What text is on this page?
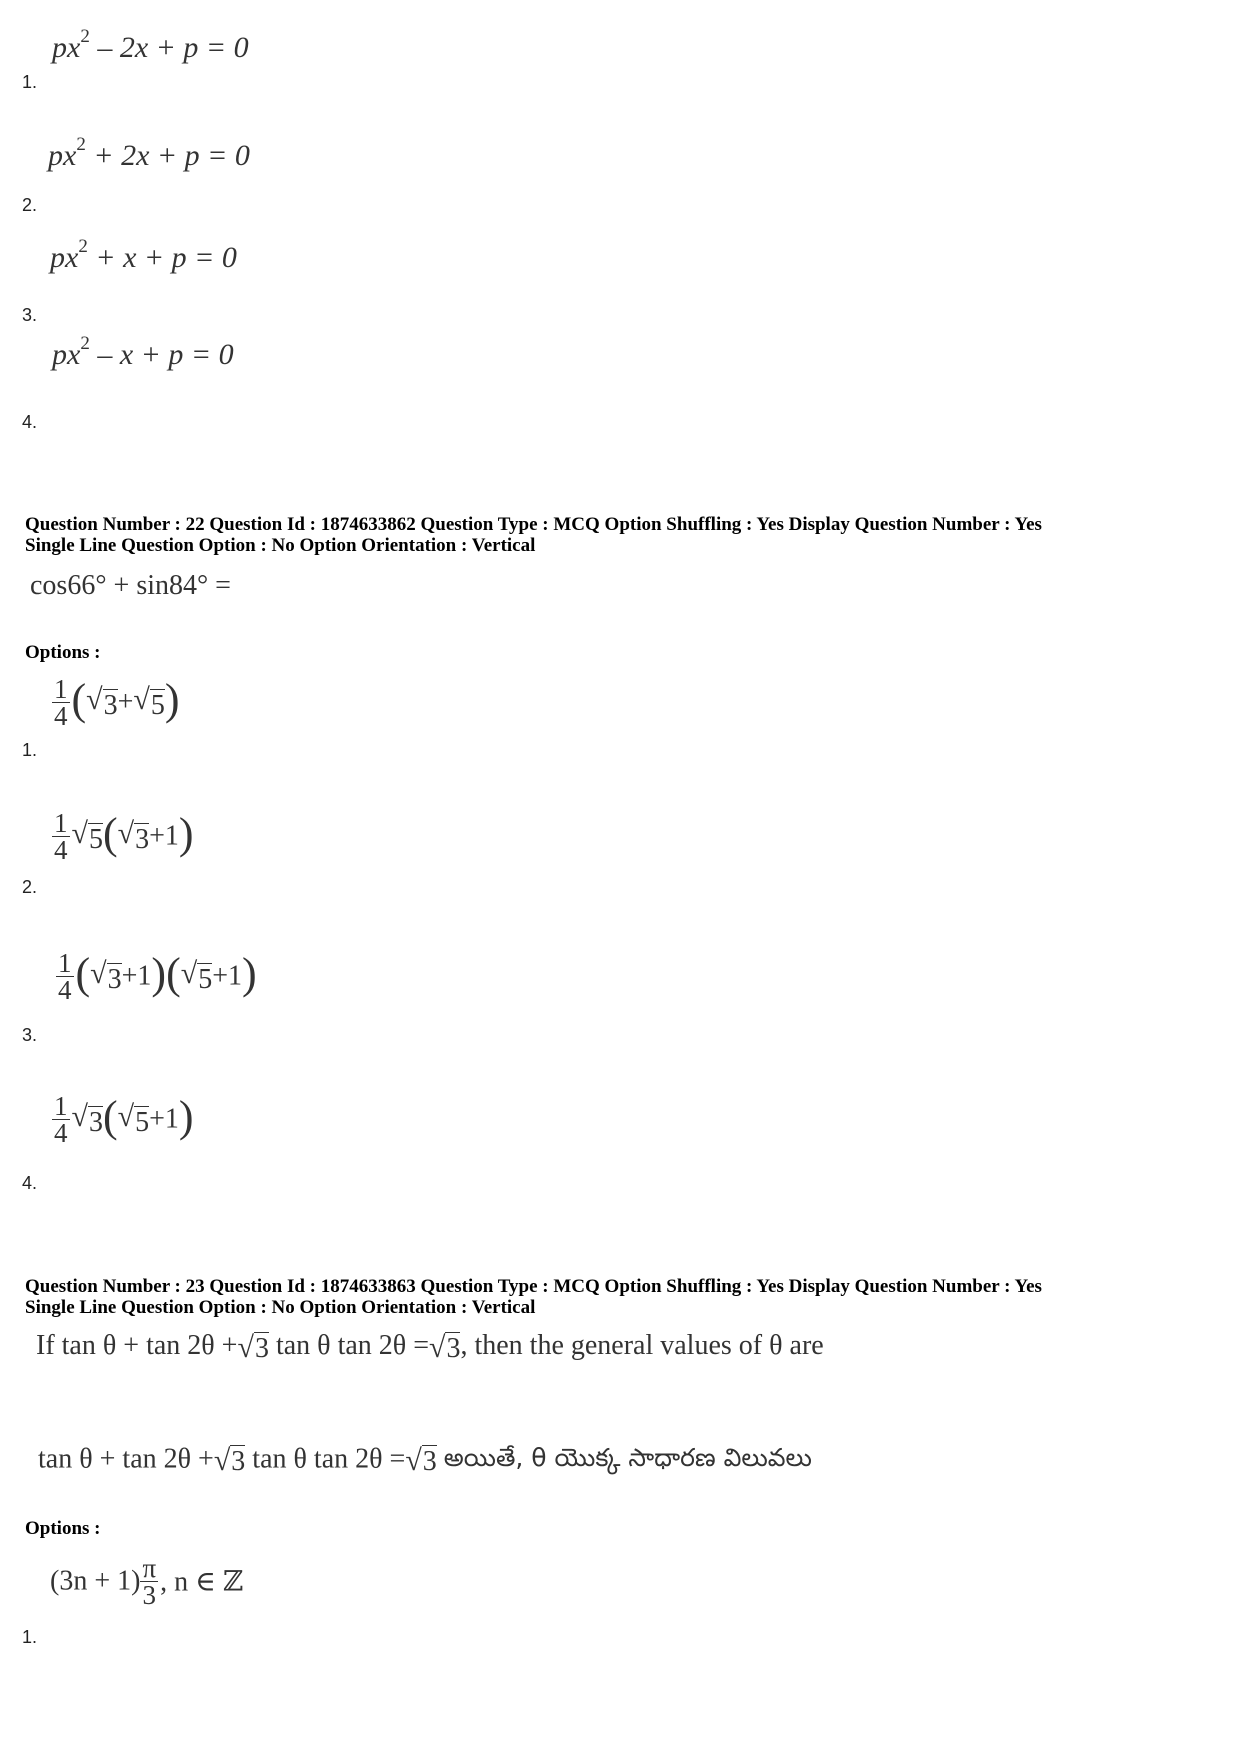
$px^2 - 2x + p = 0$
1.
$px^2 + 2x + p = 0$
2.
$px^2 + x + p = 0$
3.
$px^2 - x + p = 0$
4.
Question Number : 22 Question Id : 1874633862 Question Type : MCQ Option Shuffling : Yes Display Question Number : Yes
Single Line Question Option : No Option Orientation : Vertical
cos66° + sin84° =
Options :
$\frac{1}{4} (√3+√5)$
1.
$\frac{1}{4} √5(√3+1)$
2.
$\frac{1}{4} (√3+1)(√5+1)$
3.
$\frac{1}{4} √3(√5+1)$
4.
Question Number : 23 Question Id : 1874633863 Question Type : MCQ Option Shuffling : Yes Display Question Number : Yes
Single Line Question Option : No Option Orientation : Vertical
If tan θ + tan 2θ +√3 tan θ tan 2θ =√3, then the general values of θ are
tan θ + tan 2θ +√3 tan θ tan 2θ =√3 అయితే, θ యొక్క సాధారణ విలువలు
Options :
$(3n + 1) \frac{\pi}{3}$ , n ∈ ℤ
1.
